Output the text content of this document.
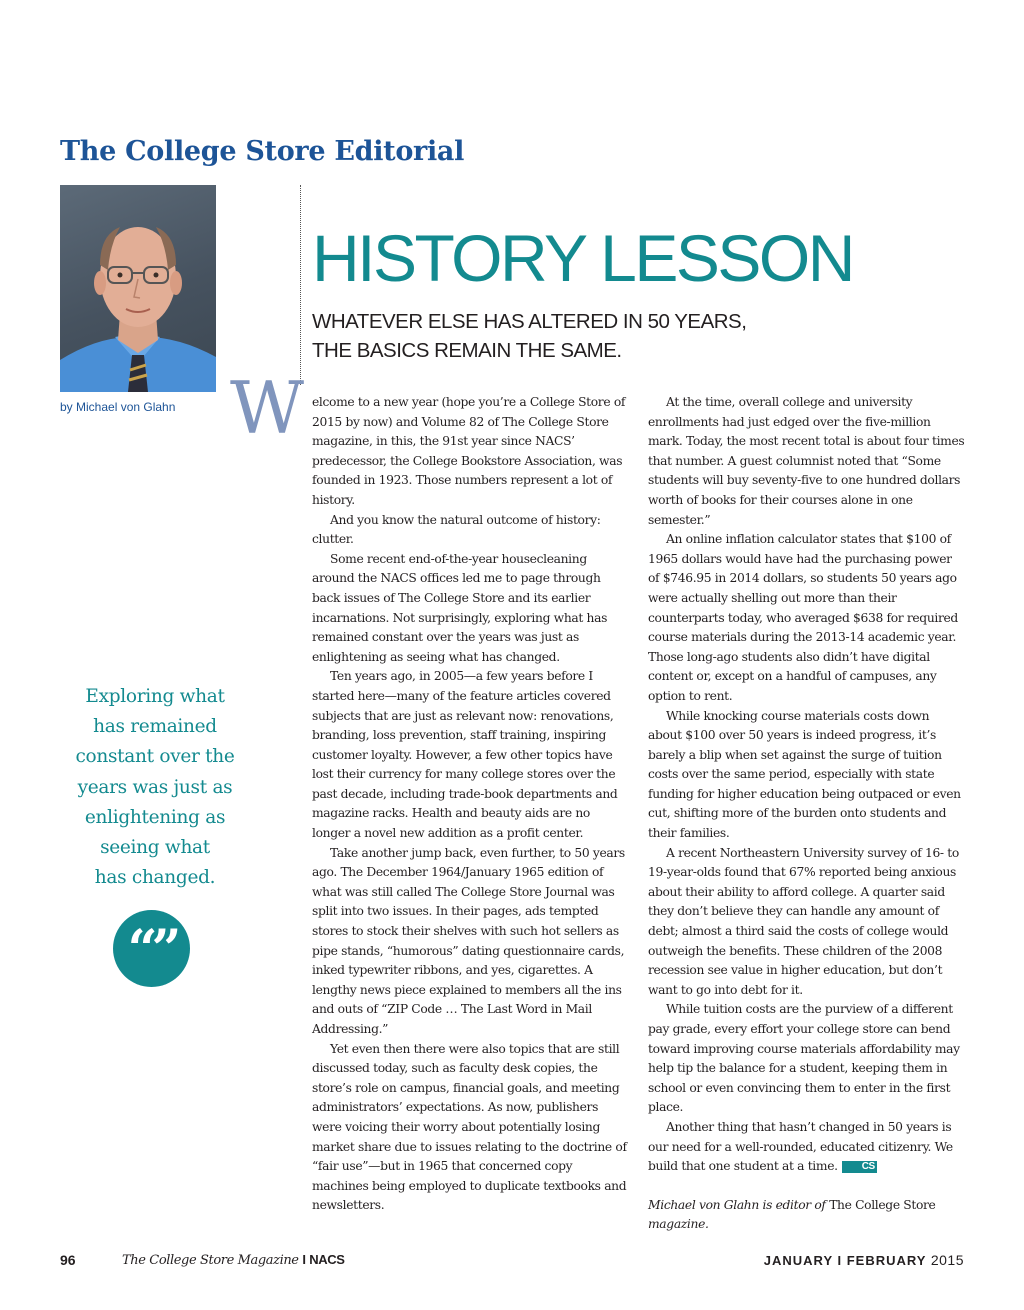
The College Store Editorial
by Michael von Glahn
HISTORY LESSON
WHATEVER ELSE HAS ALTERED IN 50 YEARS,
THE BASICS REMAIN THE SAME.
W elcome to a new year (hope you’re a College Store of 2015 by now) and Volume 82 of The College Store magazine, in this, the 91st year since NACS’ predecessor, the College Bookstore Association, was founded in 1923. Those numbers represent a lot of history.

And you know the natural outcome of history: clutter.

Some recent end-of-the-year housecleaning around the NACS offices led me to page through back issues of The College Store and its earlier incarnations. Not surprisingly, exploring what has remained constant over the years was just as enlightening as seeing what has changed.

Ten years ago, in 2005—a few years before I started here—many of the feature articles covered subjects that are just as relevant now: renovations, branding, loss prevention, staff training, inspiring customer loyalty. However, a few other topics have lost their currency for many college stores over the past decade, including trade-book departments and magazine racks. Health and beauty aids are no longer a novel new addition as a profit center.

Take another jump back, even further, to 50 years ago. The December 1964/January 1965 edition of what was still called The College Store Journal was split into two issues. In their pages, ads tempted stores to stock their shelves with such hot sellers as pipe stands, “humorous” dating questionnaire cards, inked typewriter ribbons, and yes, cigarettes. A lengthy news piece explained to members all the ins and outs of “ZIP Code … The Last Word in Mail Addressing.”

Yet even then there were also topics that are still discussed today, such as faculty desk copies, the store’s role on campus, financial goals, and meeting administrators’ expectations. As now, publishers were voicing their worry about potentially losing market share due to issues relating to the doctrine of “fair use”—but in 1965 that concerned copy machines being employed to duplicate textbooks and newsletters.

At the time, overall college and university enrollments had just edged over the five-million mark. Today, the most recent total is about four times that number. A guest columnist noted that “Some students will buy seventy-five to one hundred dollars worth of books for their courses alone in one semester.”

An online inflation calculator states that $100 of 1965 dollars would have had the purchasing power of $746.95 in 2014 dollars, so students 50 years ago were actually shelling out more than their counterparts today, who averaged $638 for required course materials during the 2013-14 academic year. Those long-ago students also didn’t have digital content or, except on a handful of campuses, any option to rent.

While knocking course materials costs down about $100 over 50 years is indeed progress, it’s barely a blip when set against the surge of tuition costs over the same period, especially with state funding for higher education being outpaced or even cut, shifting more of the burden onto students and their families.

A recent Northeastern University survey of 16- to 19-year-olds found that 67% reported being anxious about their ability to afford college. A quarter said they don’t believe they can handle any amount of debt; almost a third said the costs of college would outweigh the benefits. These children of the 2008 recession see value in higher education, but don’t want to go into debt for it.

While tuition costs are the purview of a different pay grade, every effort your college store can bend toward improving course materials affordability may help tip the balance for a student, keeping them in school or even convincing them to enter in the first place.

Another thing that hasn’t changed in 50 years is our need for a well-rounded, educated citizenry. We build that one student at a time. CS

Michael von Glahn is editor of The College Store magazine.

Exploring what
has remained
constant over the
years was just as
enlightening as
seeing what
has changed.
“”
96	The College Store Magazine I NACS	JANUARY I FEBRUARY 2015
